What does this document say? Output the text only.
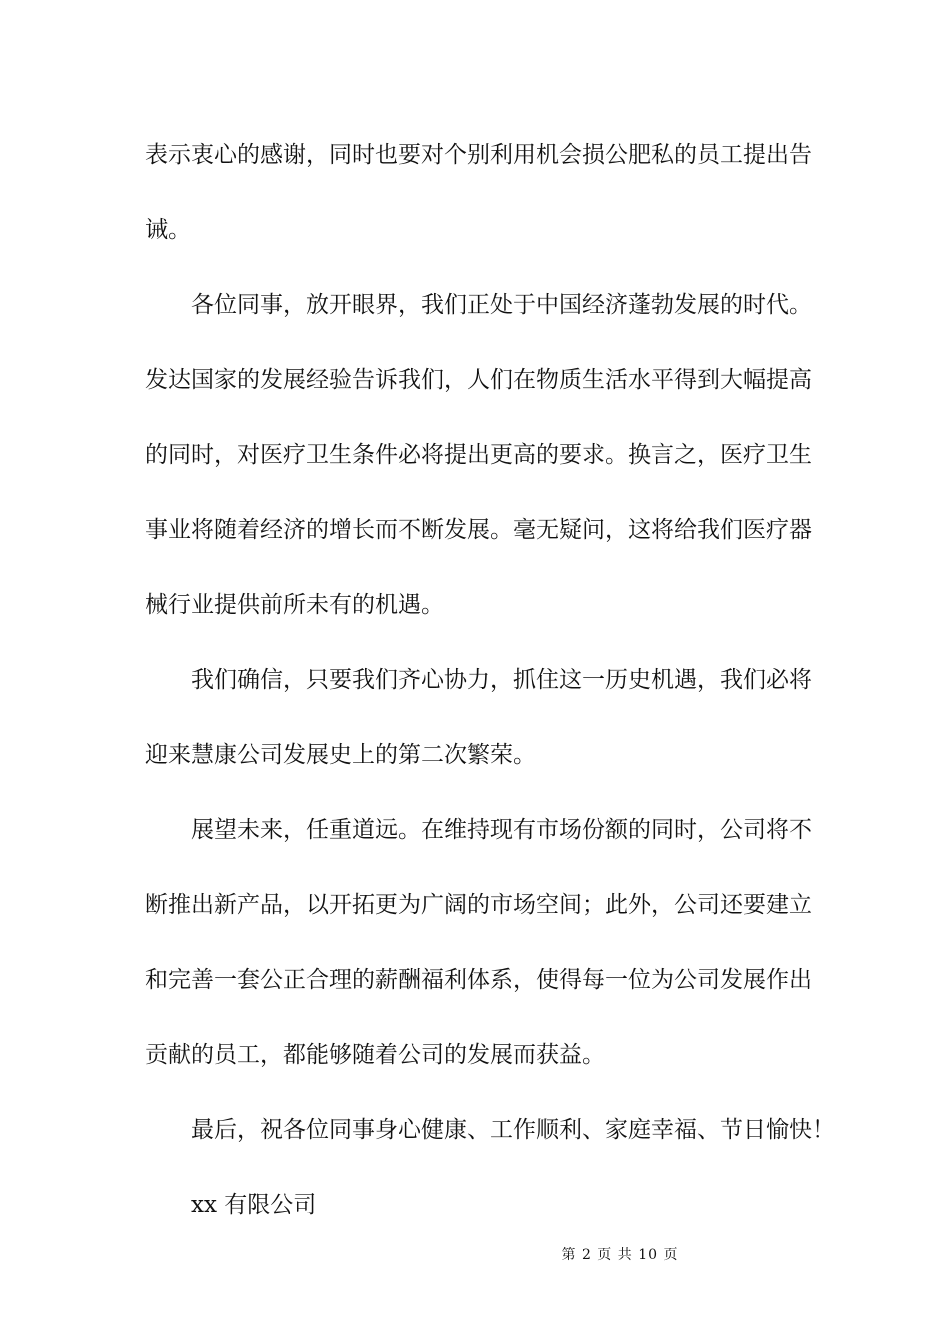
表示衷心的感谢，同时也要对个别利用机会损公肥私的员工提出告
诫。
各位同事，放开眼界，我们正处于中国经济蓬勃发展的时代。
发达国家的发展经验告诉我们，人们在物质生活水平得到大幅提高
的同时，对医疗卫生条件必将提出更高的要求。换言之，医疗卫生
事业将随着经济的增长而不断发展。毫无疑问，这将给我们医疗器
械行业提供前所未有的机遇。
我们确信，只要我们齐心协力，抓住这一历史机遇，我们必将
迎来慧康公司发展史上的第二次繁荣。
展望未来，任重道远。在维持现有市场份额的同时，公司将不
断推出新产品，以开拓更为广阔的市场空间；此外，公司还要建立
和完善一套公正合理的薪酬福利体系，使得每一位为公司发展作出
贡献的员工，都能够随着公司的发展而获益。
最后，祝各位同事身心健康、工作顺利、家庭幸福、节日愉快！
xx 有限公司
第 2 页 共 10 页
